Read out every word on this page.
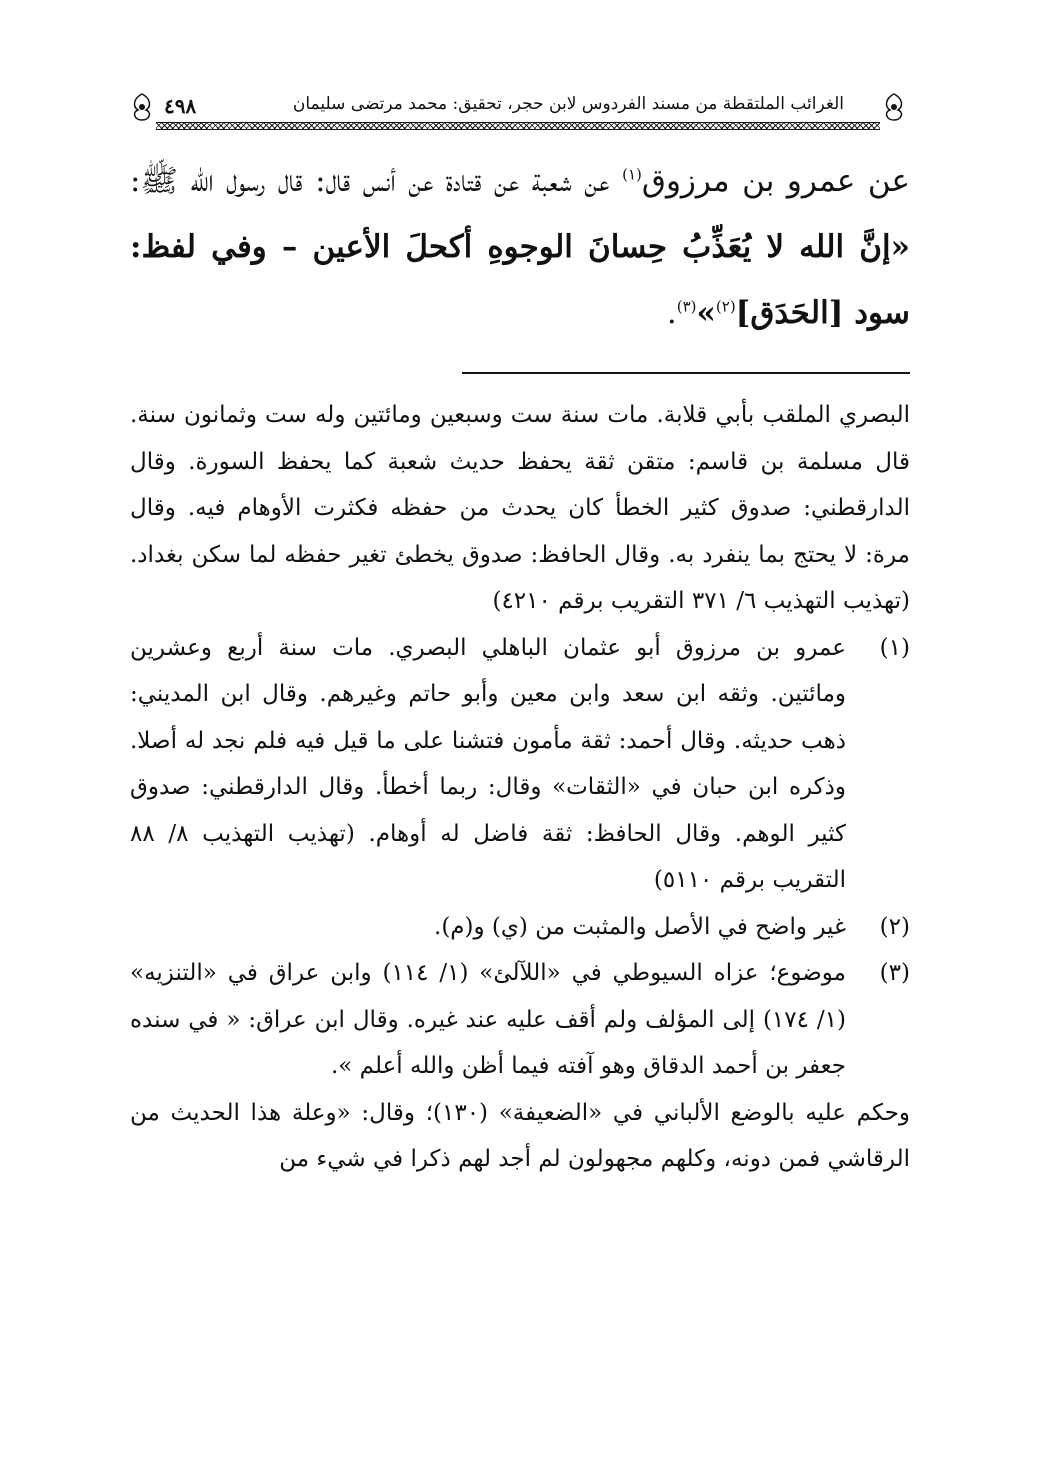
الغرائب الملتقطة من مسند الفردوس لابن حجر، تحقيق: محمد مرتضى سليمان
٤٩٨

عن عمرو بن مرزوق$^{(١)}$ عن شعبة عن قتادة عن أنس قال: قال رسول الله ﷺ: «إنَّ الله لا يُعَذِّبُ حِسانَ الوجوهِ أكحلَ الأعين – وفي لفظ: سود [الحَدَق]$^{(٢)}$»$^{(٣)}$.

البصري الملقب بأبي قلابة. مات سنة ست وسبعين ومائتين وله ست وثمانون سنة. قال مسلمة بن قاسم: متقن ثقة يحفظ حديث شعبة كما يحفظ السورة. وقال الدارقطني: صدوق كثير الخطأ كان يحدث من حفظه فكثرت الأوهام فيه. وقال مرة: لا يحتج بما ينفرد به. وقال الحافظ: صدوق يخطئ تغير حفظه لما سكن بغداد. (تهذيب التهذيب ٦/ ٣٧١ التقريب برقم ٤٢١٠)

(١)
عمرو بن مرزوق أبو عثمان الباهلي البصري. مات سنة أربع وعشرين ومائتين. وثقه ابن سعد وابن معين وأبو حاتم وغيرهم. وقال ابن المديني: ذهب حديثه. وقال أحمد: ثقة مأمون فتشنا على ما قيل فيه فلم نجد له أصلا. وذكره ابن حبان في «الثقات» وقال: ربما أخطأ. وقال الدارقطني: صدوق كثير الوهم. وقال الحافظ: ثقة فاضل له أوهام. (تهذيب التهذيب ٨/ ٨٨ التقريب برقم ٥١١٠)

(٢)
غير واضح في الأصل والمثبت من (ي) و(م).

(٣)
موضوع؛ عزاه السيوطي في «اللآلئ» (١/ ١١٤) وابن عراق في «التنزيه» (١/ ١٧٤) إلى المؤلف ولم أقف عليه عند غيره. وقال ابن عراق: « في سنده جعفر بن أحمد الدقاق وهو آفته فيما أظن والله أعلم ».

وحكم عليه بالوضع الألباني في «الضعيفة» (١٣٠)؛ وقال: «وعلة هذا الحديث من الرقاشي فمن دونه، وكلهم مجهولون لم أجد لهم ذكرا في شيء من
